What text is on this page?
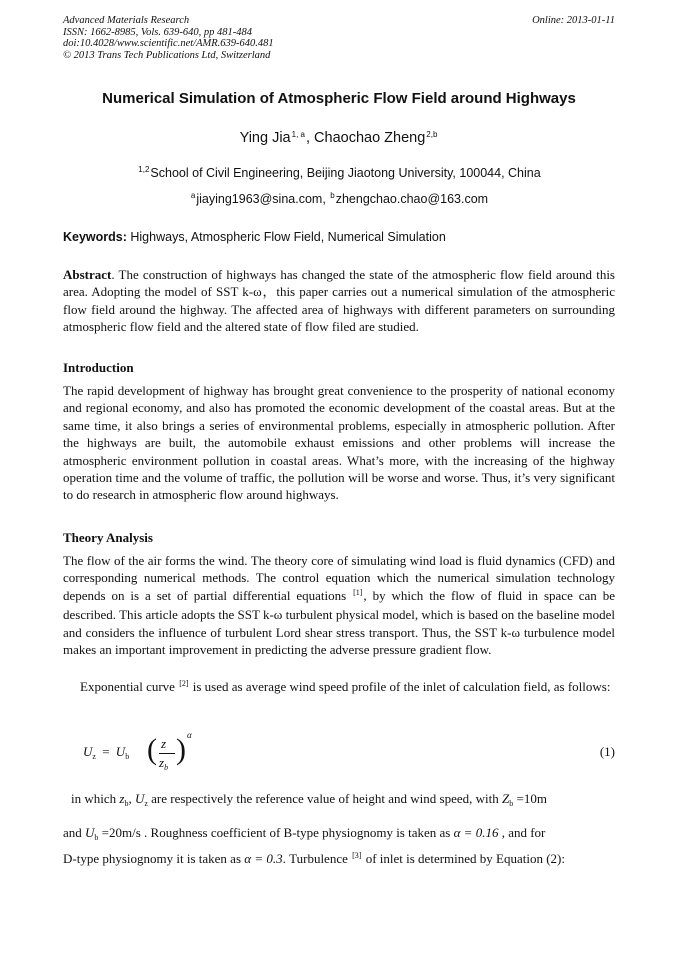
Advanced Materials Research
ISSN: 1662-8985, Vols. 639-640, pp 481-484
doi:10.4028/www.scientific.net/AMR.639-640.481
© 2013 Trans Tech Publications Ltd, Switzerland
Online: 2013-01-11
Numerical Simulation of Atmospheric Flow Field around Highways
Ying Jia$^{1, a}$, Chaochao Zheng$^{2,b}$
$^{1,2}$School of Civil Engineering, Beijing Jiaotong University, 100044, China
$^a$jiaying1963@sina.com, $^b$zhengchao.chao@163.com
Keywords: Highways, Atmospheric Flow Field, Numerical Simulation
Abstract. The construction of highways has changed the state of the atmospheric flow field around this area. Adopting the model of SST k-ω，this paper carries out a numerical simulation of the atmospheric flow field around the highway. The affected area of highways with different parameters on surrounding atmospheric flow field and the altered state of flow filed are studied.
Introduction
The rapid development of highway has brought great convenience to the prosperity of national economy and regional economy, and also has promoted the economic development of the coastal areas. But at the same time, it also brings a series of environmental problems, especially in atmospheric pollution. After the highways are built, the automobile exhaust emissions and other problems will increase the atmospheric environment pollution in coastal areas. What’s more, with the increasing of the highway operation time and the volume of traffic, the pollution will be worse and worse. Thus, it’s very significant to do research in atmospheric flow around highways.
Theory Analysis
The flow of the air forms the wind. The theory core of simulating wind load is fluid dynamics (CFD) and corresponding numerical methods. The control equation which the numerical simulation technology depends on is a set of partial differential equations [1], by which the flow of fluid in space can be described. This article adopts the SST k-ω turbulent physical model, which is based on the baseline model and considers the influence of turbulent Lord shear stress transport. Thus, the SST k-ω turbulence model makes an important improvement in predicting the adverse pressure gradient flow.
Exponential curve [2] is used as average wind speed profile of the inlet of calculation field, as follows:
$U_z = U_b$ ( z
$z_b$
) α
(1)
in which $z_b$, $U_z$ are respectively the reference value of height and wind speed, with $Z_b =10m$
and $U_b =20m/s$ . Roughness coefficient of B-type physiognomy is taken as α = 0.16 , and for
D-type physiognomy it is taken as α = 0.3. Turbulence [3] of inlet is determined by Equation (2):
